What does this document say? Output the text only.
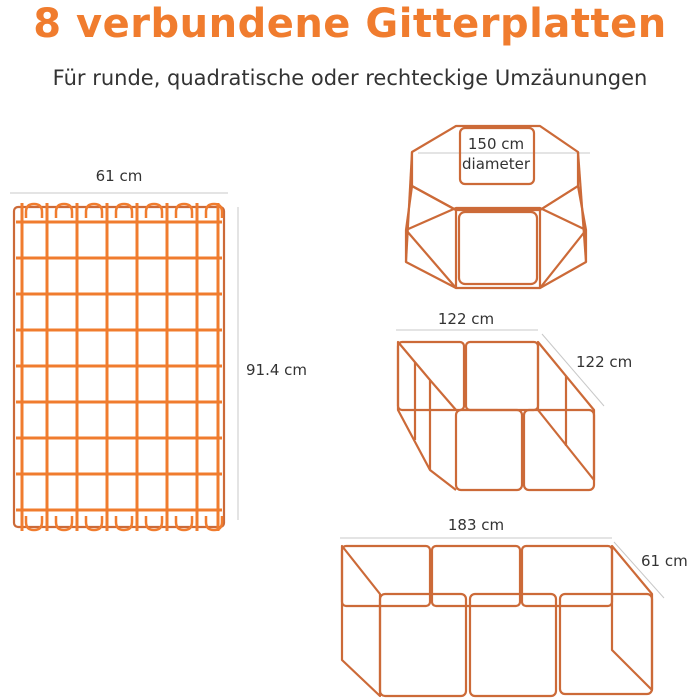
8 verbundene Gitterplatten
Für runde, quadratische oder rechteckige Umzäunungen
61 cm
91.4 cm
150 cm
diameter
122 cm
122 cm
183 cm
61 cm
